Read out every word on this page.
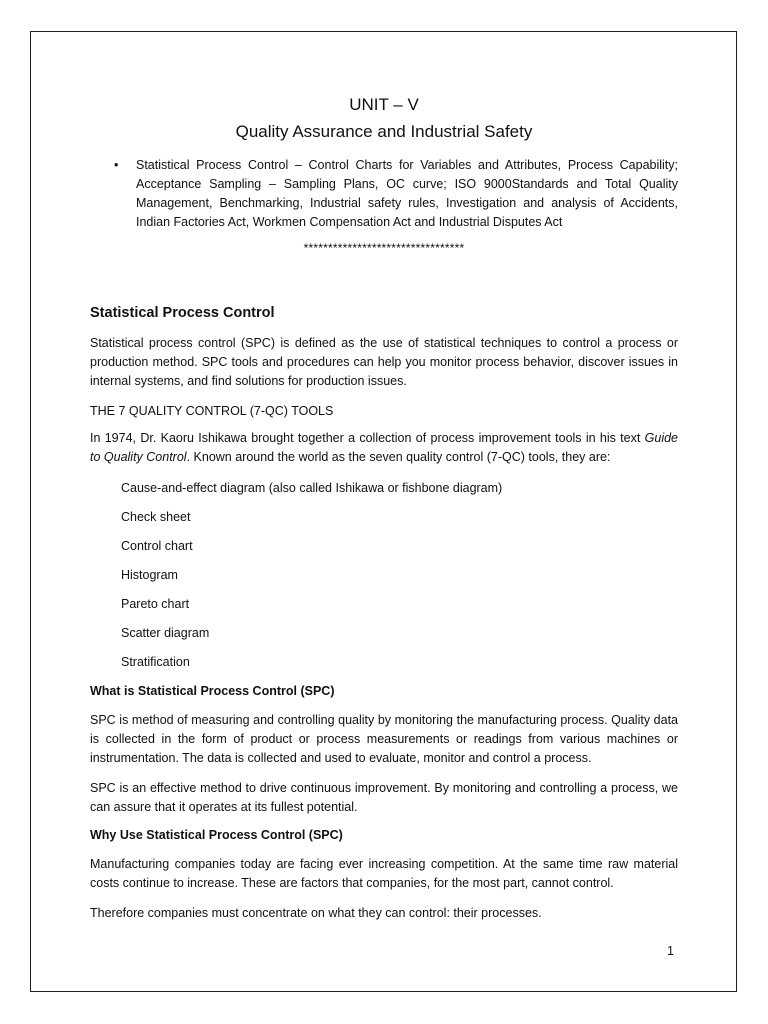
•
UNIT – V
Quality Assurance and Industrial Safety
Statistical Process Control – Control Charts for Variables and Attributes, Process Capability; Acceptance Sampling – Sampling Plans, OC curve; ISO 9000Standards and Total Quality Management, Benchmarking, Industrial safety rules, Investigation and analysis of Accidents, Indian Factories Act, Workmen Compensation Act and Industrial Disputes Act
*********************************
Statistical Process Control
Statistical process control (SPC) is defined as the use of statistical techniques to control a process or production method. SPC tools and procedures can help you monitor process behavior, discover issues in internal systems, and find solutions for production issues.
THE 7 QUALITY CONTROL (7-QC) TOOLS
In 1974, Dr. Kaoru Ishikawa brought together a collection of process improvement tools in his text Guide to Quality Control. Known around the world as the seven quality control (7-QC) tools, they are:
Cause-and-effect diagram (also called Ishikawa or fishbone diagram)
Check sheet
Control chart
Histogram
Pareto chart
Scatter diagram
Stratification
What is Statistical Process Control (SPC)
SPC is method of measuring and controlling quality by monitoring the manufacturing process. Quality data is collected in the form of product or process measurements or readings from various machines or instrumentation. The data is collected and used to evaluate, monitor and control a process.
SPC is an effective method to drive continuous improvement. By monitoring and controlling a process, we can assure that it operates at its fullest potential.
Why Use Statistical Process Control (SPC)
Manufacturing companies today are facing ever increasing competition. At the same time raw material costs continue to increase. These are factors that companies, for the most part, cannot control.
Therefore companies must concentrate on what they can control: their processes.
1
